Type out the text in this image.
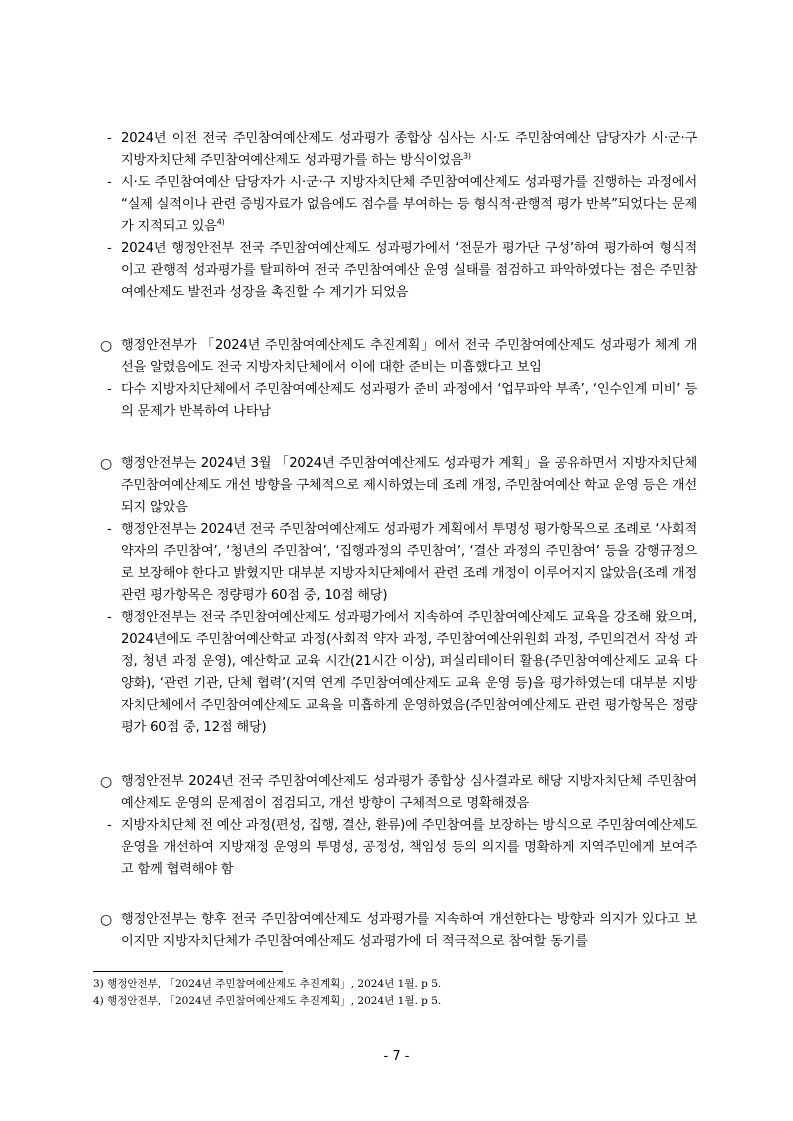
- 2024년 이전 전국 주민참여예산제도 성과평가 종합상 심사는 시·도 주민참여예산 담당자가 시·군·구 지방자치단체 주민참여예산제도 성과평가를 하는 방식이었음$^{3)}$
- 시·도 주민참여예산 담당자가 시·군·구 지방자치단체 주민참여예산제도 성과평가를 진행하는 과정에서 “실제 실적이나 관련 증빙자료가 없음에도 점수를 부여하는 등 형식적·관행적 평가 반복”되었다는 문제가 지적되고 있음$^{4)}$
- 2024년 행정안전부 전국 주민참여예산제도 성과평가에서 ‘전문가 평가단 구성’하여 평가하여 형식적이고 관행적 성과평가를 탈피하여 전국 주민참여예산 운영 실태를 점검하고 파악하였다는 점은 주민참여예산제도 발전과 성장을 촉진할 수 계기가 되었음
○ 행정안전부가 「2024년 주민참여예산제도 추진계획」에서 전국 주민참여예산제도 성과평가 체계 개선을 알렸음에도 전국 지방자치단체에서 이에 대한 준비는 미흡했다고 보임
- 다수 지방자치단체에서 주민참여예산제도 성과평가 준비 과정에서 ‘업무파악 부족’, ‘인수인계 미비’ 등의 문제가 반복하여 나타남
○ 행정안전부는 2024년 3월 「2024년 주민참여예산제도 성과평가 계획」을 공유하면서 지방자치단체 주민참여예산제도 개선 방향을 구체적으로 제시하였는데 조례 개정, 주민참여예산 학교 운영 등은 개선되지 않았음
- 행정안전부는 2024년 전국 주민참여예산제도 성과평가 계획에서 투명성 평가항목으로 조례로 ‘사회적 약자의 주민참여’, ‘청년의 주민참여’, ‘집행과정의 주민참여’, ‘결산 과정의 주민참여’ 등을 강행규정으로 보장해야 한다고 밝혔지만 대부분 지방자치단체에서 관련 조례 개정이 이루어지지 않았음(조례 개정 관련 평가항목은 정량평가 60점 중, 10점 해당)
- 행정안전부는 전국 주민참여예산제도 성과평가에서 지속하여 주민참여예산제도 교육을 강조해 왔으며, 2024년에도 주민참여예산학교 과정(사회적 약자 과정, 주민참여예산위원회 과정, 주민의견서 작성 과정, 청년 과정 운영), 예산학교 교육 시간(21시간 이상), 퍼실리테이터 활용(주민참여예산제도 교육 다양화), ‘관련 기관, 단체 협력’(지역 연계 주민참여예산제도 교육 운영 등)을 평가하였는데 대부분 지방자치단체에서 주민참여예산제도 교육을 미흡하게 운영하였음(주민참여예산제도 관련 평가항목은 정량평가 60점 중, 12점 해당)
○ 행정안전부 2024년 전국 주민참여예산제도 성과평가 종합상 심사결과로 해당 지방자치단체 주민참여예산제도 운영의 문제점이 점검되고, 개선 방향이 구체적으로 명확해졌음
- 지방자치단체 전 예산 과정(편성, 집행, 결산, 환류)에 주민참여를 보장하는 방식으로 주민참여예산제도 운영을 개선하여 지방재정 운영의 투명성, 공정성, 책임성 등의 의지를 명확하게 지역주민에게 보여주고 함께 협력해야 함
○ 행정안전부는 향후 전국 주민참여예산제도 성과평가를 지속하여 개선한다는 방향과 의지가 있다고 보이지만 지방자치단체가 주민참여예산제도 성과평가에 더 적극적으로 참여할 동기를
3) 행정안전부, 「2024년 주민참여예산제도 추진계획」, 2024년 1월. p 5.
4) 행정안전부, 「2024년 주민참여예산제도 추진계획」, 2024년 1월. p 5.
- 7 -
